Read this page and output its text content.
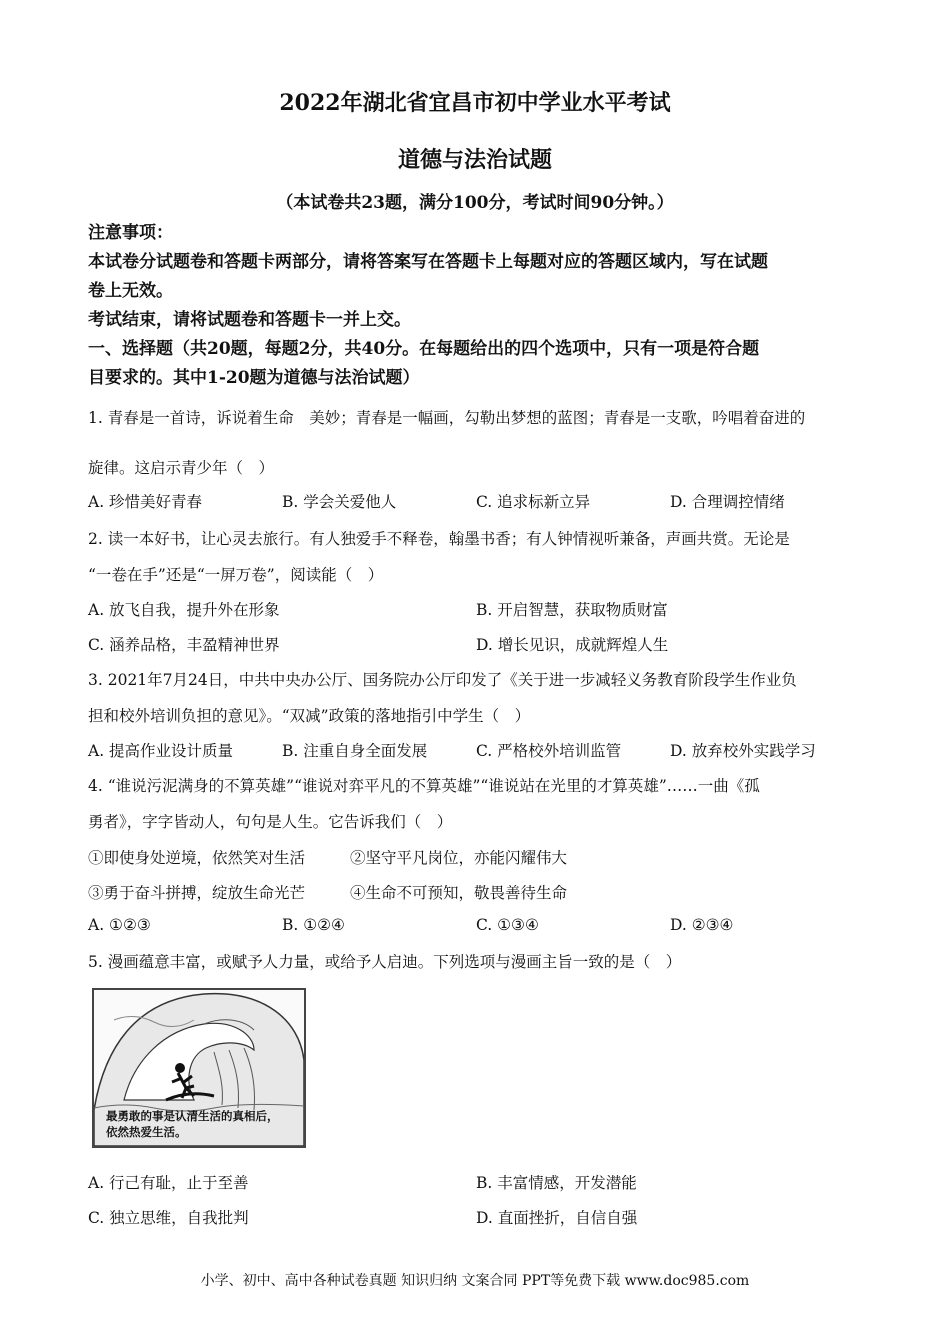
2022年湖北省宜昌市初中学业水平考试
道德与法治试题
（本试卷共23题，满分100分，考试时间90分钟。）
注意事项：
本试卷分试题卷和答题卡两部分，请将答案写在答题卡上每题对应的答题区域内，写在试题
卷上无效。
考试结束，请将试题卷和答题卡一并上交。
一、选择题（共20题，每题2分，共40分。在每题给出的四个选项中，只有一项是符合题
目要求的。其中1-20题为道德与法治试题）
1. 青春是一首诗，诉说着生命　美妙；青春是一幅画，勾勒出梦想的蓝图；青春是一支歌，吟唱着奋进的
旋律。这启示青少年（　）
A. 珍惜美好青春	B. 学会关爱他人	C. 追求标新立异	D. 合理调控情绪
2. 读一本好书，让心灵去旅行。有人独爱手不释卷，翰墨书香；有人钟情视听兼备，声画共赏。无论是
“一卷在手”还是“一屏万卷”，阅读能（　）
A. 放飞自我，提升外在形象	B. 开启智慧，获取物质财富
C. 涵养品格，丰盈精神世界	D. 增长见识，成就辉煌人生
3. 2021年7月24日，中共中央办公厅、国务院办公厅印发了《关于进一步减轻义务教育阶段学生作业负
担和校外培训负担的意见》。“双减”政策的落地指引中学生（　）
A. 提高作业设计质量	B. 注重自身全面发展	C. 严格校外培训监管	D. 放弃校外实践学习
4. “谁说污泥满身的不算英雄”“谁说对弈平凡的不算英雄”“谁说站在光里的才算英雄”……一曲《孤
勇者》，字字皆动人，句句是人生。它告诉我们（　）
①即使身处逆境，依然笑对生活	②坚守平凡岗位，亦能闪耀伟大
③勇于奋斗拼搏，绽放生命光芒	④生命不可预知，敬畏善待生命
A. ①②③	B. ①②④	C. ①③④	D. ②③④
5. 漫画蕴意丰富，或赋予人力量，或给予人启迪。下列选项与漫画主旨一致的是（　）
最勇敢的事是认清生活的真相后，
依然热爱生活。
A. 行己有耻，止于至善	B. 丰富情感，开发潜能
C. 独立思维，自我批判	D. 直面挫折，自信自强
小学、初中、高中各种试卷真题 知识归纳 文案合同 PPT等免费下载 www.doc985.com
